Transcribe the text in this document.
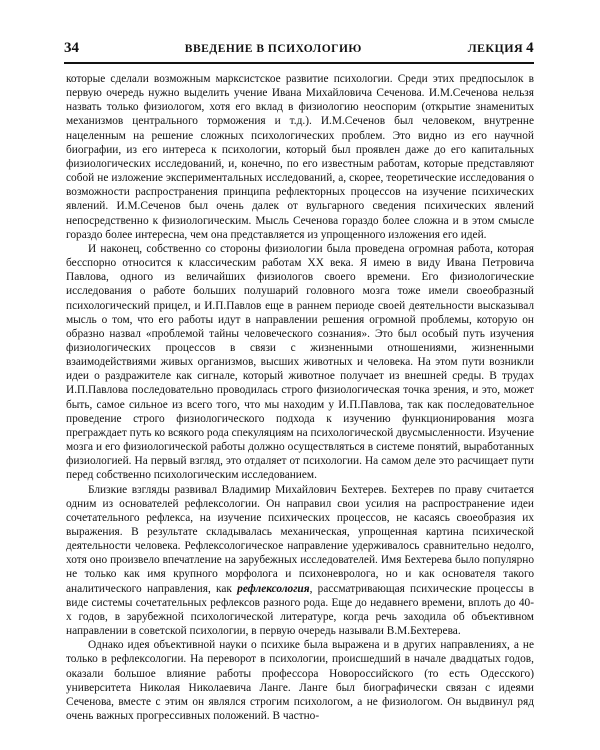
34	ВВЕДЕНИЕ В ПСИХОЛОГИЮ	ЛЕКЦИЯ 4

которые сделали возможным марксистское развитие психологии. Среди этих предпосылок в первую очередь нужно выделить учение Ивана Михайловича Сеченова. И.М.Сеченова нельзя назвать только физиологом, хотя его вклад в физиологию неоспорим (открытие знаменитых механизмов центрального торможения и т.д.). И.М.Сеченов был человеком, внутренне нацеленным на решение сложных психологических проблем. Это видно из его научной биографии, из его интереса к психологии, который был проявлен даже до его капитальных физиологических исследований, и, конечно, по его известным работам, которые представляют собой не изложение экспериментальных исследований, а, скорее, теоретические исследования о возможности распространения принципа рефлекторных процессов на изучение психических явлений. И.М.Сеченов был очень далек от вульгарного сведения психических явлений непосредственно к физиологическим. Мысль Сеченова гораздо более сложна и в этом смысле гораздо более интересна, чем она представляется из упрощенного изложения его идей.

И наконец, собственно со стороны физиологии была проведена огромная работа, которая бесспорно относится к классическим работам XX века. Я имею в виду Ивана Петровича Павлова, одного из величайших физиологов своего времени. Его физиологические исследования о работе больших полушарий головного мозга тоже имели своеобразный психологический прицел, и И.П.Павлов еще в раннем периоде своей деятельности высказывал мысль о том, что его работы идут в направлении решения огромной проблемы, которую он образно назвал «проблемой тайны человеческого сознания». Это был особый путь изучения физиологических процессов в связи с жизненными отношениями, жизненными взаимодействиями живых организмов, высших животных и человека. На этом пути возникли идеи о раздражителе как сигнале, который животное получает из внешней среды. В трудах И.П.Павлова последовательно проводилась строго физиологическая точка зрения, и это, может быть, самое сильное из всего того, что мы находим у И.П.Павлова, так как последовательное проведение строго физиологического подхода к изучению функционирования мозга преграждает путь ко всякого рода спекуляциям на психологической двусмысленности. Изучение мозга и его физиологической работы должно осуществляться в системе понятий, выработанных физиологией. На первый взгляд, это отдаляет от психологии. На самом деле это расчищает пути перед собственно психологическим исследованием.

Близкие взгляды развивал Владимир Михайлович Бехтерев. Бехтерев по праву считается одним из основателей рефлексологии. Он направил свои усилия на распространение идеи сочетательного рефлекса, на изучение психических процессов, не касаясь своеобразия их выражения. В результате складывалась механическая, упрощенная картина психической деятельности человека. Рефлексологическое направление удерживалось сравнительно недолго, хотя оно произвело впечатление на зарубежных исследователей. Имя Бехтерева было популярно не только как имя крупного морфолога и психоневролога, но и как основателя такого аналитического направления, как рефлексология, рассматривающая психические процессы в виде системы сочетательных рефлексов разного рода. Еще до недавнего времени, вплоть до 40-х годов, в зарубежной психологической литературе, когда речь заходила об объективном направлении в советской психологии, в первую очередь называли В.М.Бехтерева.

Однако идея объективной науки о психике была выражена и в других направлениях, а не только в рефлексологии. На переворот в психологии, происшедший в начале двадцатых годов, оказали большое влияние работы профессора Новороссийского (то есть Одесского) университета Николая Николаевича Ланге. Ланге был биографически связан с идеями Сеченова, вместе с этим он являлся строгим психологом, а не физиологом. Он выдвинул ряд очень важных прогрессивных положений. В частно-
